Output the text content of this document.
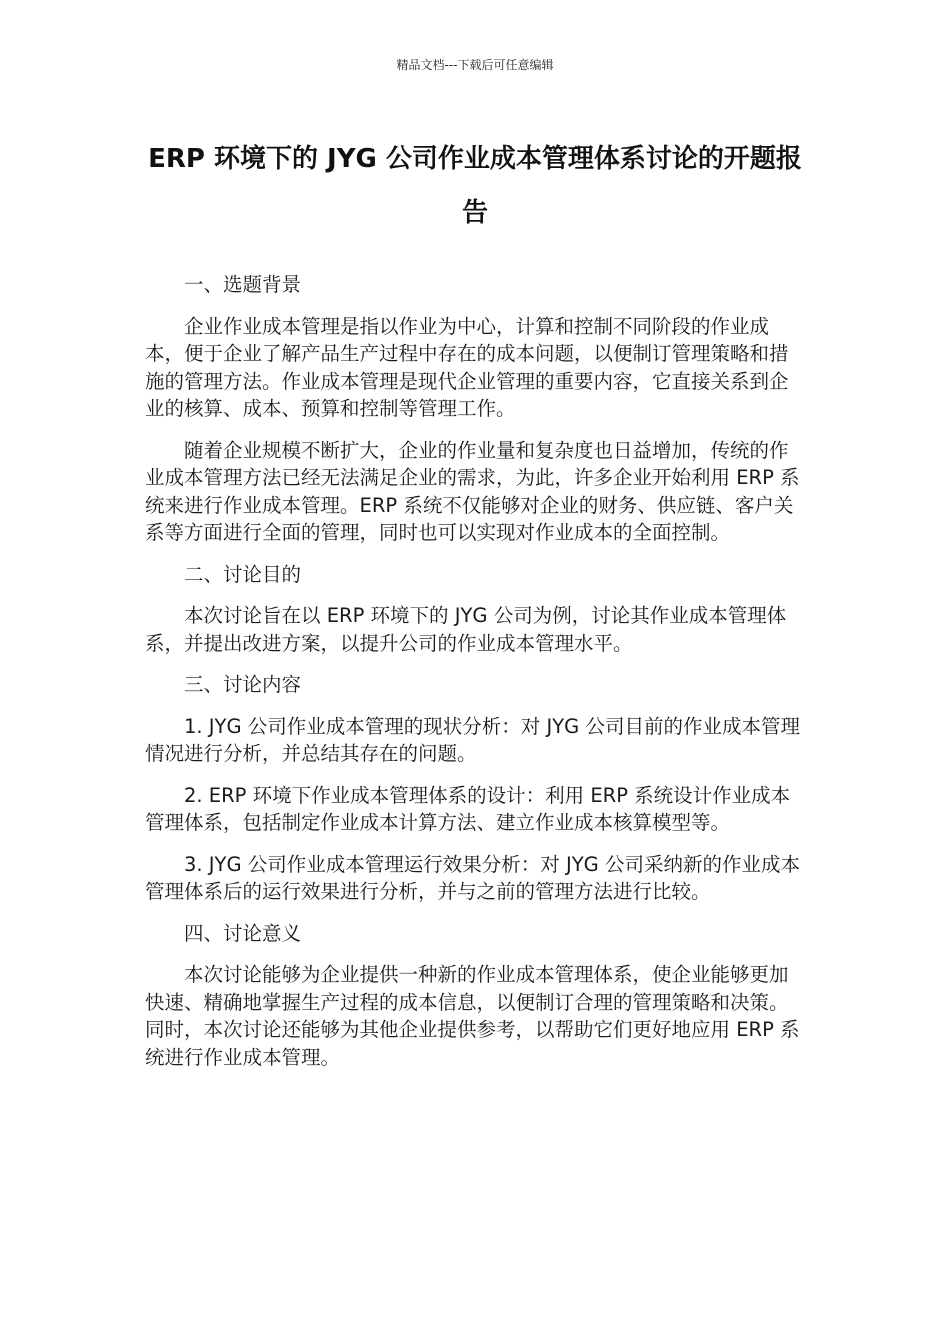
精品文档---下载后可任意编辑
ERP 环境下的 JYG 公司作业成本管理体系讨论的开题报告

一、选题背景

企业作业成本管理是指以作业为中心，计算和控制不同阶段的作业成本，便于企业了解产品生产过程中存在的成本问题，以便制订管理策略和措施的管理方法。作业成本管理是现代企业管理的重要内容，它直接关系到企业的核算、成本、预算和控制等管理工作。

随着企业规模不断扩大，企业的作业量和复杂度也日益增加，传统的作业成本管理方法已经无法满足企业的需求，为此，许多企业开始利用 ERP 系统来进行作业成本管理。ERP 系统不仅能够对企业的财务、供应链、客户关系等方面进行全面的管理，同时也可以实现对作业成本的全面控制。

二、讨论目的

本次讨论旨在以 ERP 环境下的 JYG 公司为例，讨论其作业成本管理体系，并提出改进方案，以提升公司的作业成本管理水平。

三、讨论内容

1. JYG 公司作业成本管理的现状分析：对 JYG 公司目前的作业成本管理情况进行分析，并总结其存在的问题。

2. ERP 环境下作业成本管理体系的设计：利用 ERP 系统设计作业成本管理体系，包括制定作业成本计算方法、建立作业成本核算模型等。

3. JYG 公司作业成本管理运行效果分析：对 JYG 公司采纳新的作业成本管理体系后的运行效果进行分析，并与之前的管理方法进行比较。

四、讨论意义

本次讨论能够为企业提供一种新的作业成本管理体系，使企业能够更加快速、精确地掌握生产过程的成本信息，以便制订合理的管理策略和决策。同时，本次讨论还能够为其他企业提供参考，以帮助它们更好地应用 ERP 系统进行作业成本管理。
